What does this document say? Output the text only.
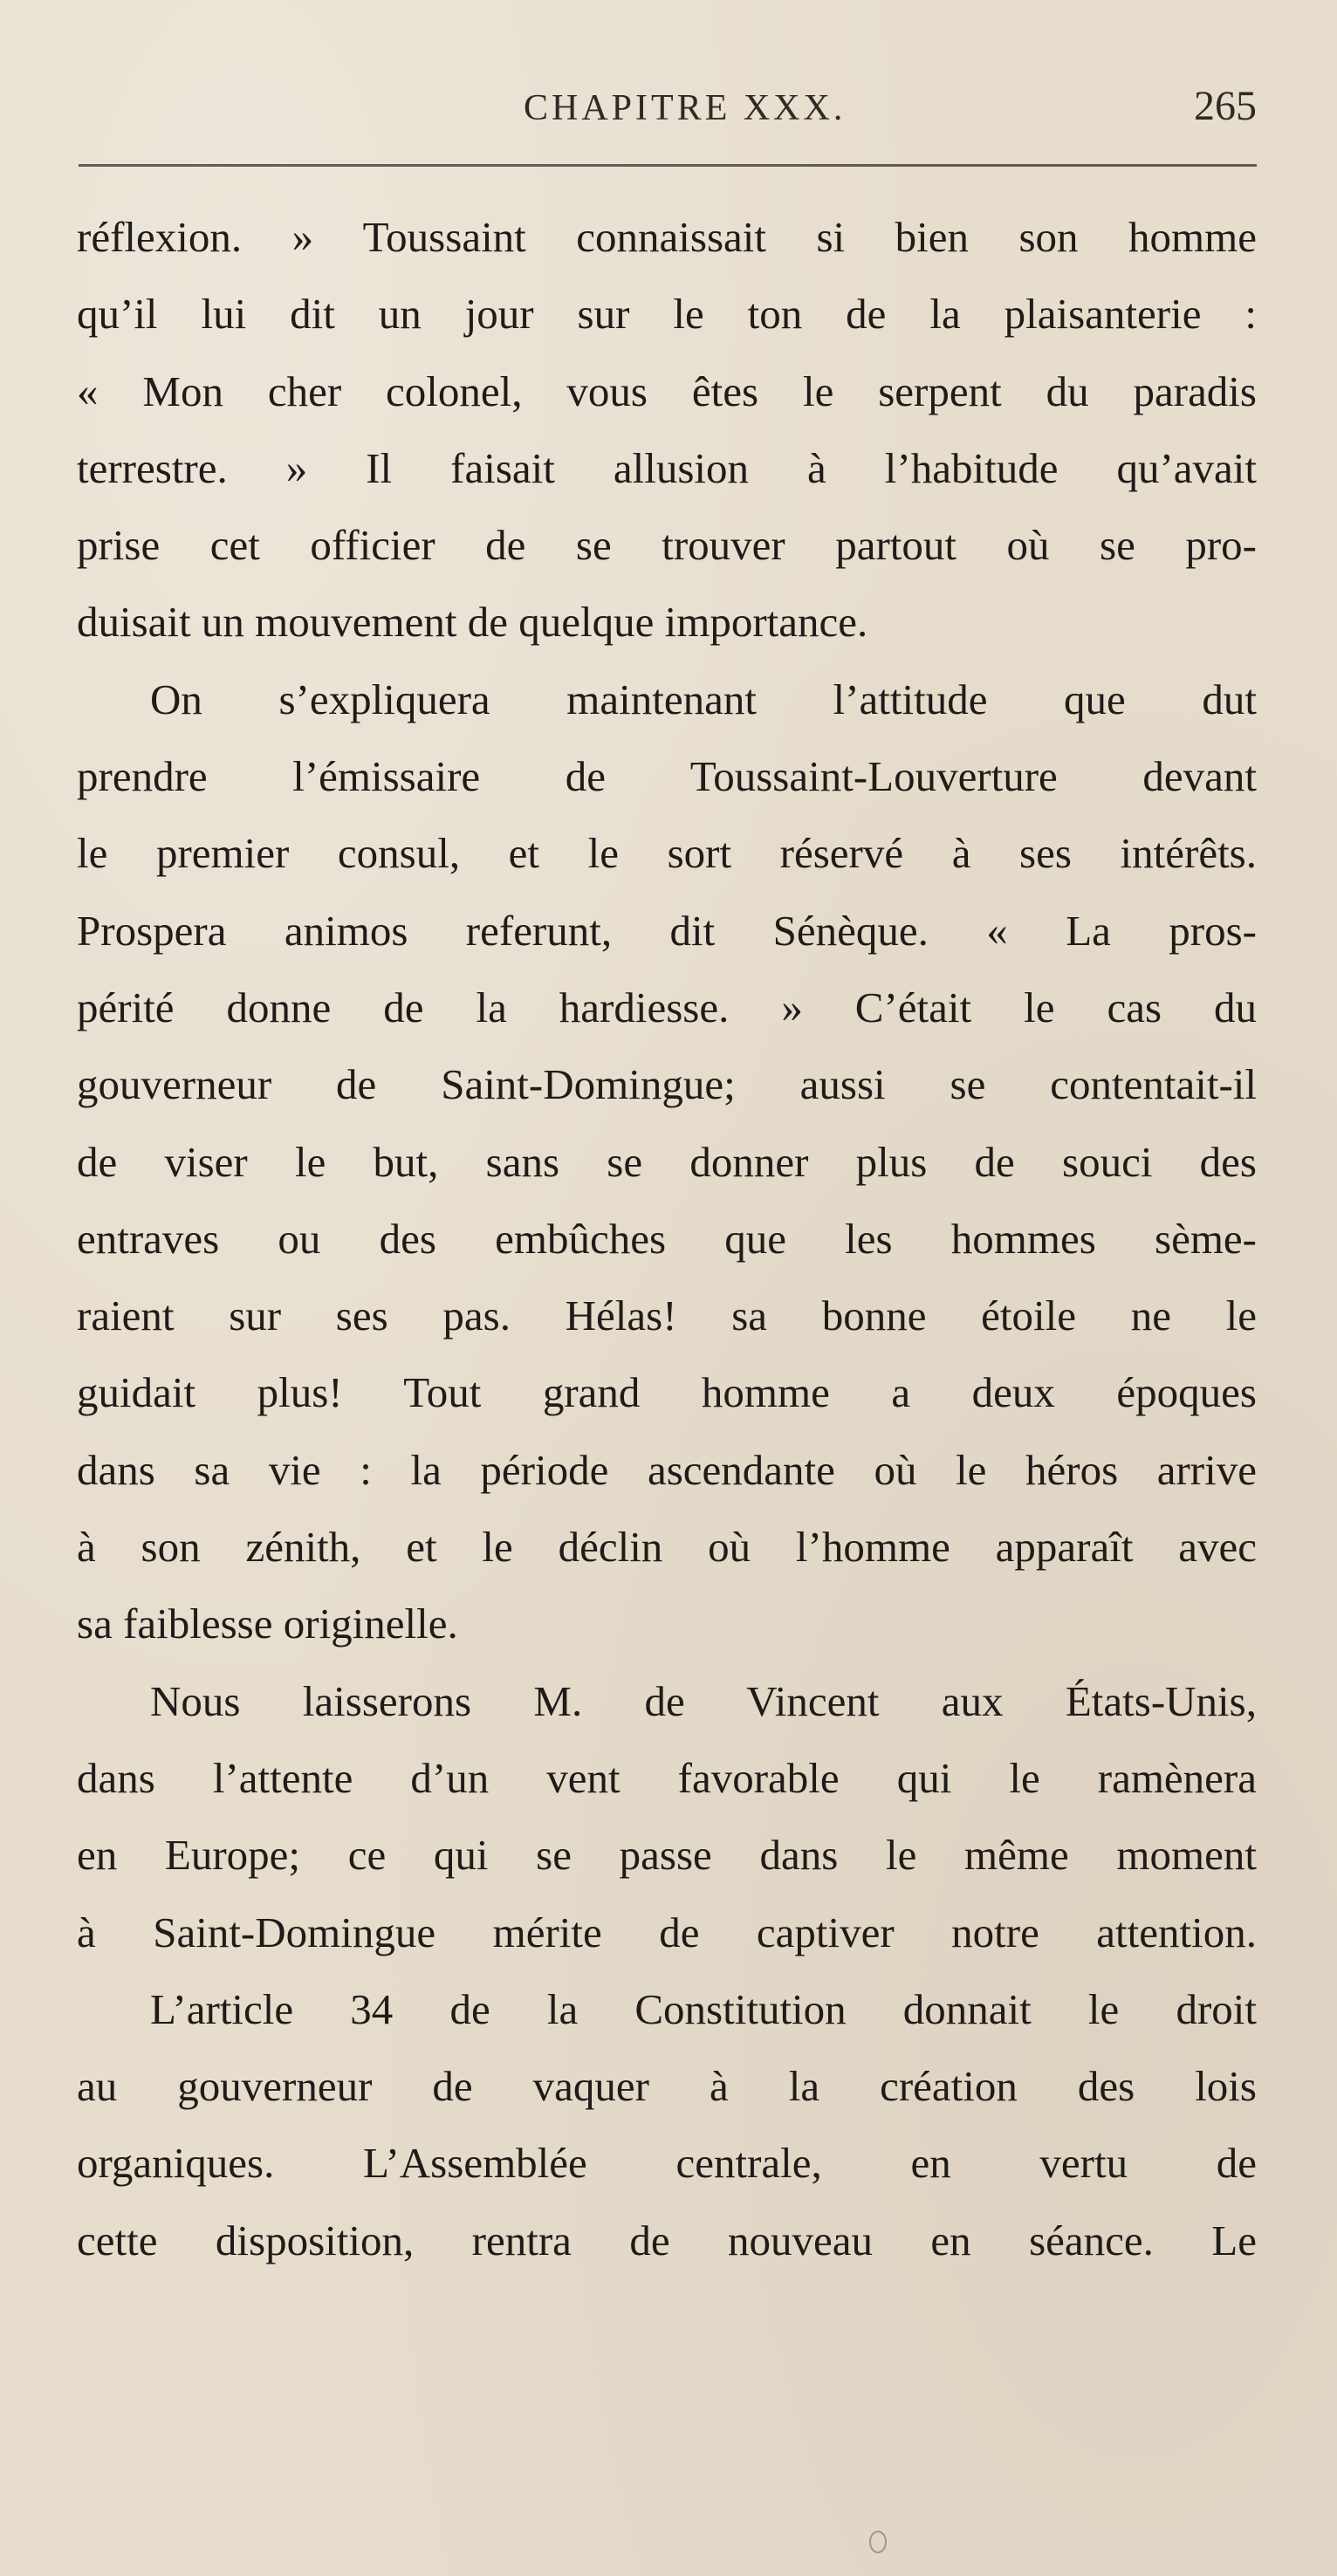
CHAPITRE XXX.	265
réflexion. » Toussaint connaissait si bien son homme
qu’il lui dit un jour sur le ton de la plaisanterie :
« Mon cher colonel, vous êtes le serpent du paradis
terrestre. » Il faisait allusion à l’habitude qu’avait
prise cet officier de se trouver partout où se pro-
duisait un mouvement de quelque importance.
On s’expliquera maintenant l’attitude que dut
prendre l’émissaire de Toussaint-Louverture devant
le premier consul, et le sort réservé à ses intérêts.
Prospera animos referunt, dit Sénèque. « La pros-
périté donne de la hardiesse. » C’était le cas du
gouverneur de Saint-Domingue; aussi se contentait-il
de viser le but, sans se donner plus de souci des
entraves ou des embûches que les hommes sème-
raient sur ses pas. Hélas! sa bonne étoile ne le
guidait plus! Tout grand homme a deux époques
dans sa vie : la période ascendante où le héros arrive
à son zénith, et le déclin où l’homme apparaît avec
sa faiblesse originelle.
Nous laisserons M. de Vincent aux États-Unis,
dans l’attente d’un vent favorable qui le ramènera
en Europe; ce qui se passe dans le même moment
à Saint-Domingue mérite de captiver notre attention.
L’article 34 de la Constitution donnait le droit
au gouverneur de vaquer à la création des lois
organiques. L’Assemblée centrale, en vertu de
cette disposition, rentra de nouveau en séance. Le
